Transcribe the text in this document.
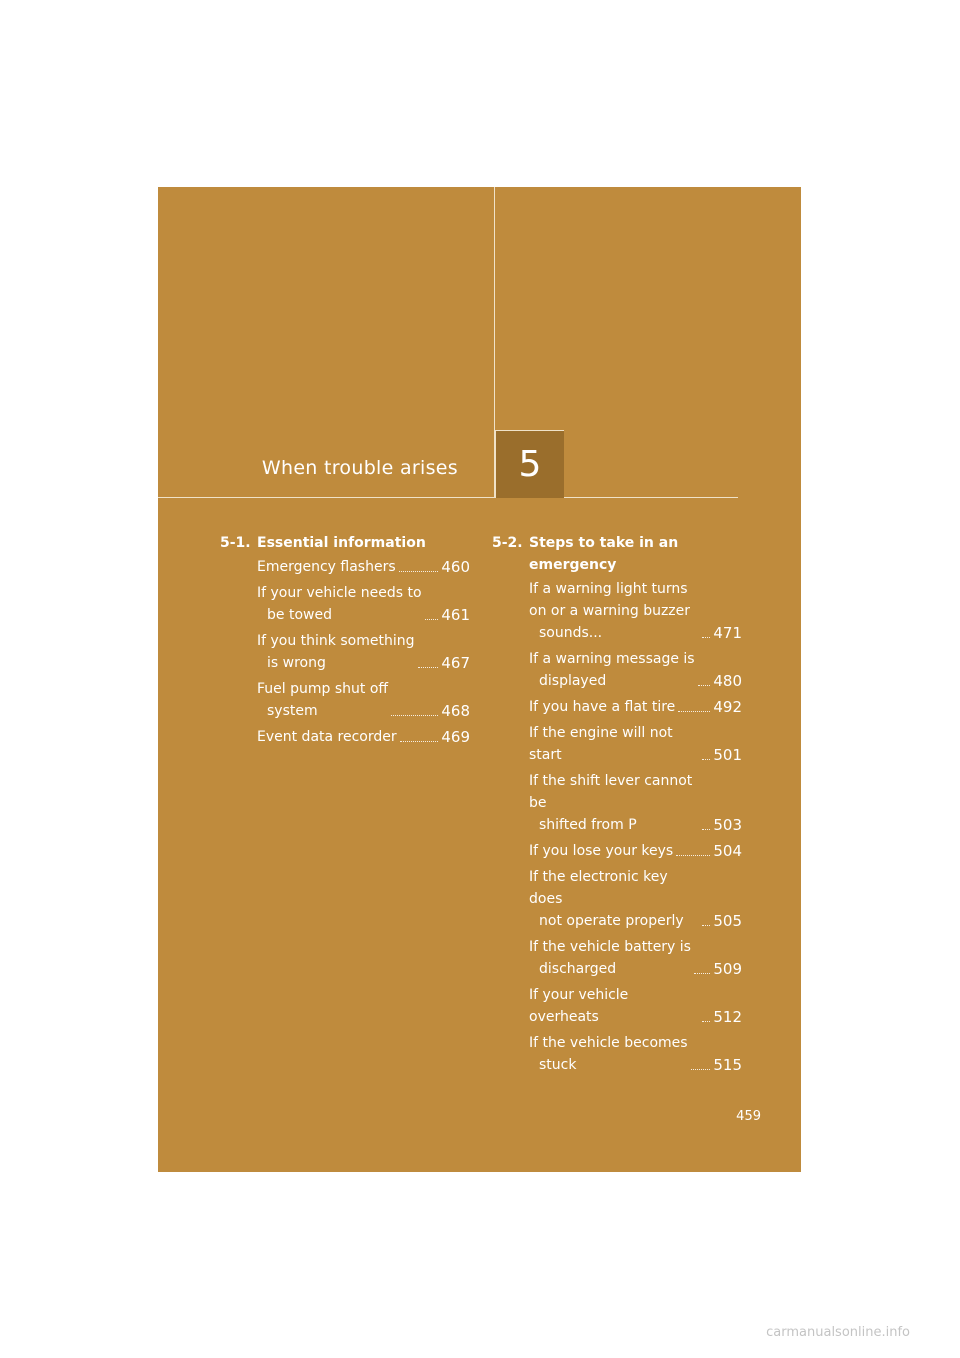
When trouble arises	5
5-1. Essential information
Emergency flashers	460
If your vehicle needs to
be towed	461
If you think something
is wrong	467
Fuel pump shut off
system	468
Event data recorder	469
5-2. Steps to take in an emergency
If a warning light turns on or a warning buzzer
sounds...	471
If a warning message is
displayed	480
If you have a flat tire	492
If the engine will not start	501
If the shift lever cannot be
shifted from P	503
If you lose your keys	504
If the electronic key does
not operate properly	505
If the vehicle battery is
discharged	509
If your vehicle overheats	512
If the vehicle becomes
stuck	515
459
carmanualsonline.info
